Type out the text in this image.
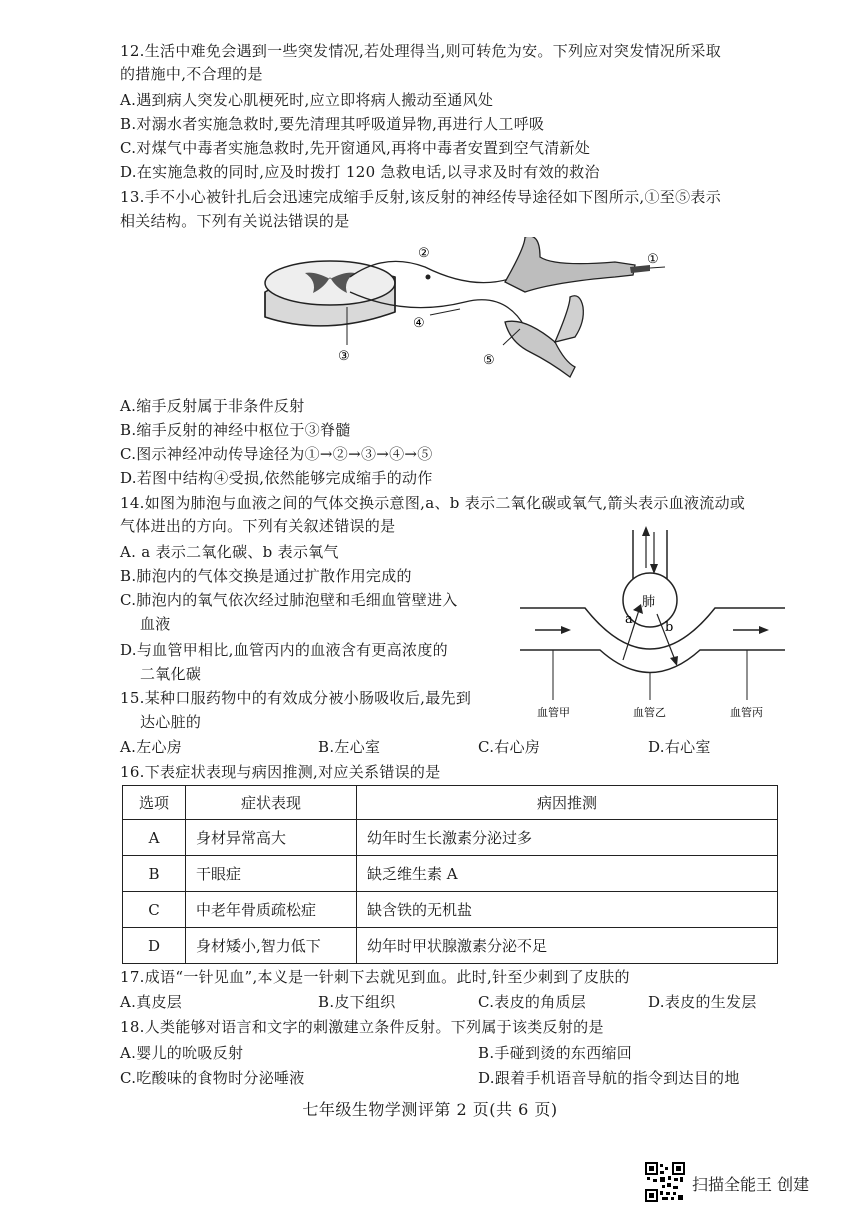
12.生活中难免会遇到一些突发情况,若处理得当,则可转危为安。下列应对突发情况所采取
的措施中,不合理的是
A.遇到病人突发心肌梗死时,应立即将病人搬动至通风处
B.对溺水者实施急救时,要先清理其呼吸道异物,再进行人工呼吸
C.对煤气中毒者实施急救时,先开窗通风,再将中毒者安置到空气清新处
D.在实施急救的同时,应及时拨打 120 急救电话,以寻求及时有效的救治
13.手不小心被针扎后会迅速完成缩手反射,该反射的神经传导途径如下图所示,①至⑤表示
相关结构。下列有关说法错误的是
①
②
③
④
⑤
A.缩手反射属于非条件反射
B.缩手反射的神经中枢位于③脊髓
C.图示神经冲动传导途径为①→②→③→④→⑤
D.若图中结构④受损,依然能够完成缩手的动作
14.如图为肺泡与血液之间的气体交换示意图,a、b 表示二氧化碳或氧气,箭头表示血液流动或
气体进出的方向。下列有关叙述错误的是
A. a 表示二氧化碳、b 表示氧气
B.肺泡内的气体交换是通过扩散作用完成的
C.肺泡内的氧气依次经过肺泡壁和毛细血管壁进入
血液
D.与血管甲相比,血管丙内的血液含有更高浓度的
二氧化碳
肺
a
b
血管甲	血管乙	血管丙
15.某种口服药物中的有效成分被小肠吸收后,最先到
达心脏的
A.左心房	B.左心室	C.右心房	D.右心室
16.下表症状表现与病因推测,对应关系错误的是
选项	症状表现	病因推测
A	身材异常高大	幼年时生长激素分泌过多
B	干眼症	缺乏维生素 A
C	中老年骨质疏松症	缺含铁的无机盐
D	身材矮小,智力低下	幼年时甲状腺激素分泌不足
17.成语“一针见血”,本义是一针刺下去就见到血。此时,针至少刺到了皮肤的
A.真皮层	B.皮下组织	C.表皮的角质层	D.表皮的生发层
18.人类能够对语言和文字的刺激建立条件反射。下列属于该类反射的是
A.婴儿的吮吸反射	B.手碰到烫的东西缩回
C.吃酸味的食物时分泌唾液	D.跟着手机语音导航的指令到达目的地
七年级生物学测评第 2 页(共 6 页)
扫描全能王 创建
